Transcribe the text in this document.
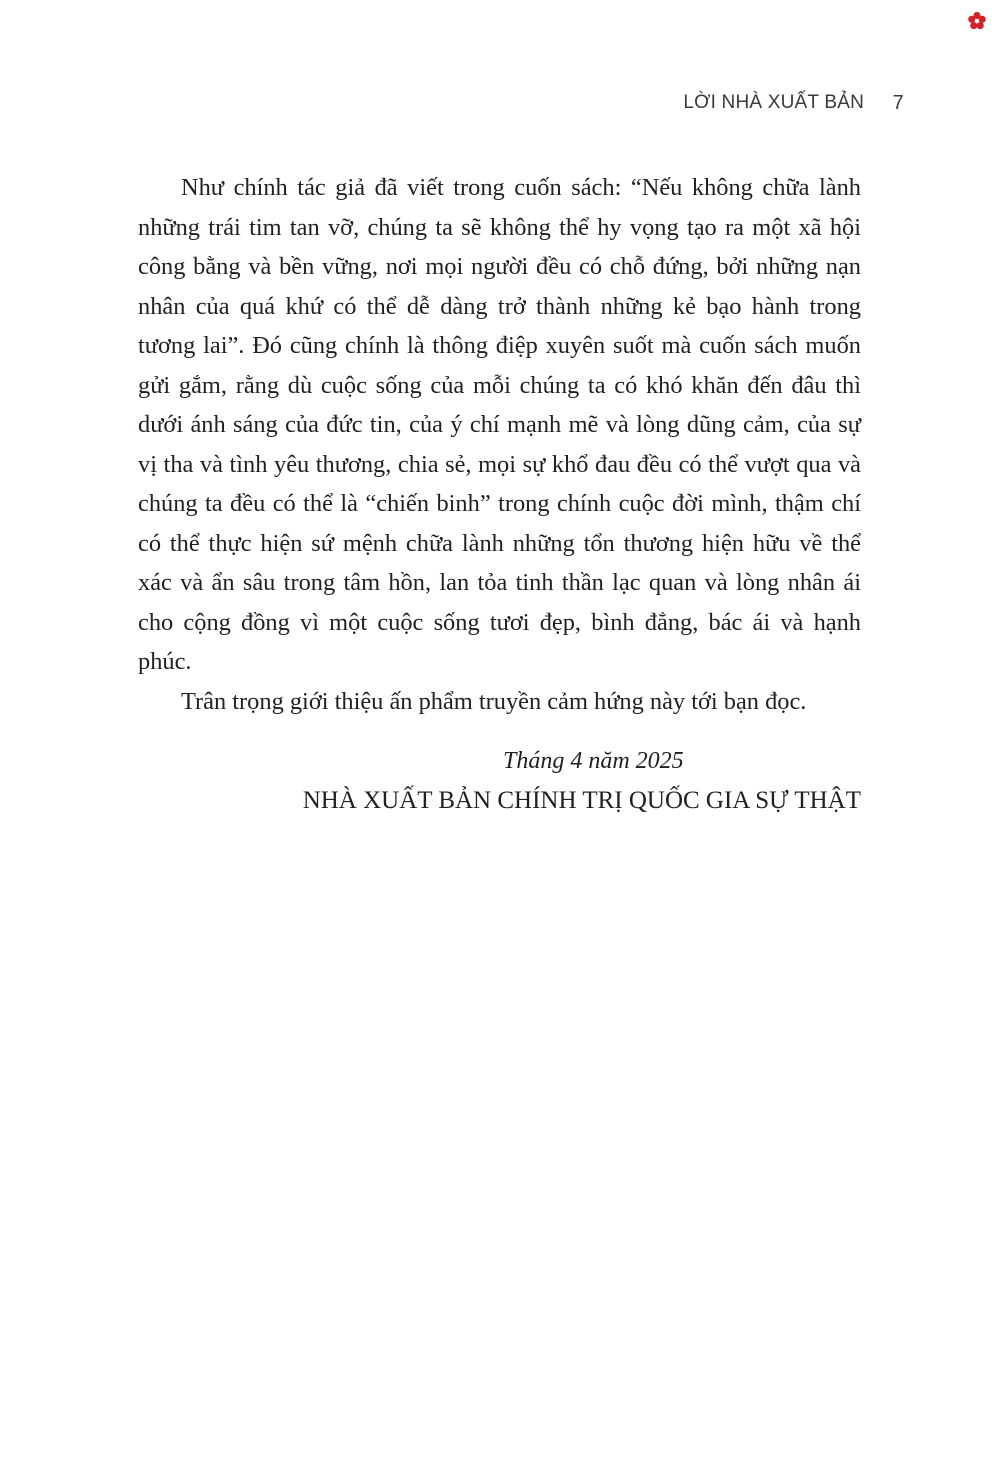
LỜI NHÀ XUẤT BẢN 7

Như chính tác giả đã viết trong cuốn sách: “Nếu không chữa lành những trái tim tan vỡ, chúng ta sẽ không thể hy vọng tạo ra một xã hội công bằng và bền vững, nơi mọi người đều có chỗ đứng, bởi những nạn nhân của quá khứ có thể dễ dàng trở thành những kẻ bạo hành trong tương lai”. Đó cũng chính là thông điệp xuyên suốt mà cuốn sách muốn gửi gắm, rằng dù cuộc sống của mỗi chúng ta có khó khăn đến đâu thì dưới ánh sáng của đức tin, của ý chí mạnh mẽ và lòng dũng cảm, của sự vị tha và tình yêu thương, chia sẻ, mọi sự khổ đau đều có thể vượt qua và chúng ta đều có thể là “chiến binh” trong chính cuộc đời mình, thậm chí có thể thực hiện sứ mệnh chữa lành những tổn thương hiện hữu về thể xác và ẩn sâu trong tâm hồn, lan tỏa tinh thần lạc quan và lòng nhân ái cho cộng đồng vì một cuộc sống tươi đẹp, bình đẳng, bác ái và hạnh phúc.

Trân trọng giới thiệu ấn phẩm truyền cảm hứng này tới bạn đọc.

Tháng 4 năm 2025
NHÀ XUẤT BẢN CHÍNH TRỊ QUỐC GIA SỰ THẬT
